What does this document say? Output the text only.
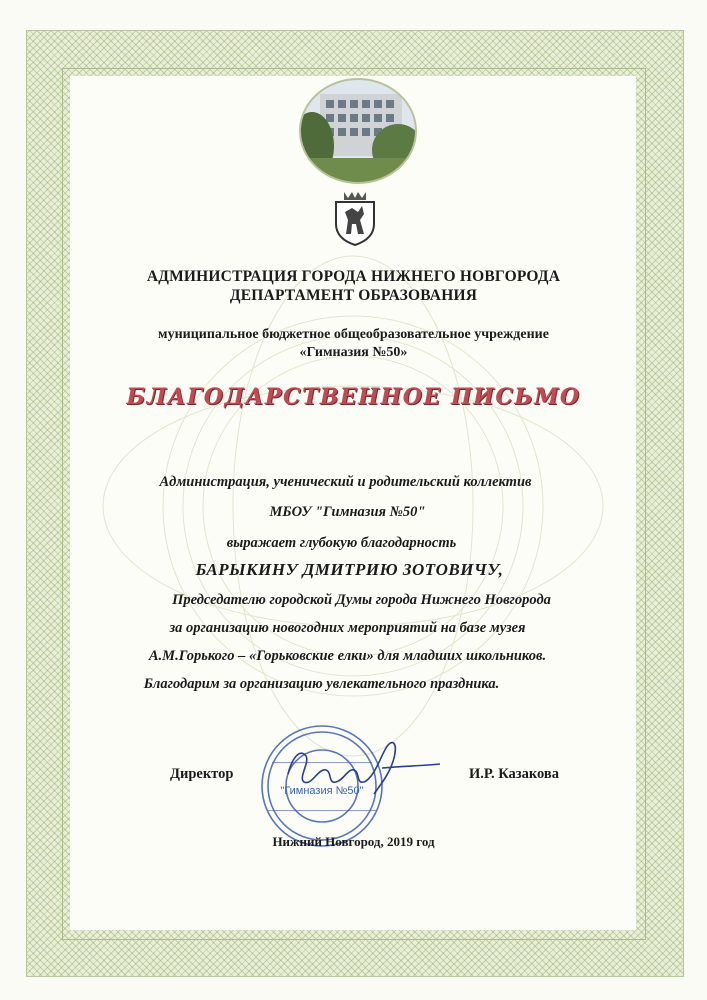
АДМИНИСТРАЦИЯ ГОРОДА НИЖНЕГО НОВГОРОДА
ДЕПАРТАМЕНТ ОБРАЗОВАНИЯ
муниципальное бюджетное общеобразовательное учреждение
«Гимназия №50»
БЛАГОДАРСТВЕННОЕ ПИСЬМО
Администрация, ученический и родительский коллектив
МБОУ "Гимназия №50"
выражает глубокую благодарность
БАРЫКИНУ ДМИТРИЮ ЗОТОВИЧУ,
Председателю городской Думы города Нижнего Новгорода
за организацию новогодних мероприятий на базе музея
А.М.Горького – «Горьковские елки» для младших школьников.
Благодарим за организацию увлекательного праздника.
"Гимназия №50"
Директор	И.Р. Казакова
Нижний Новгород, 2019 год
